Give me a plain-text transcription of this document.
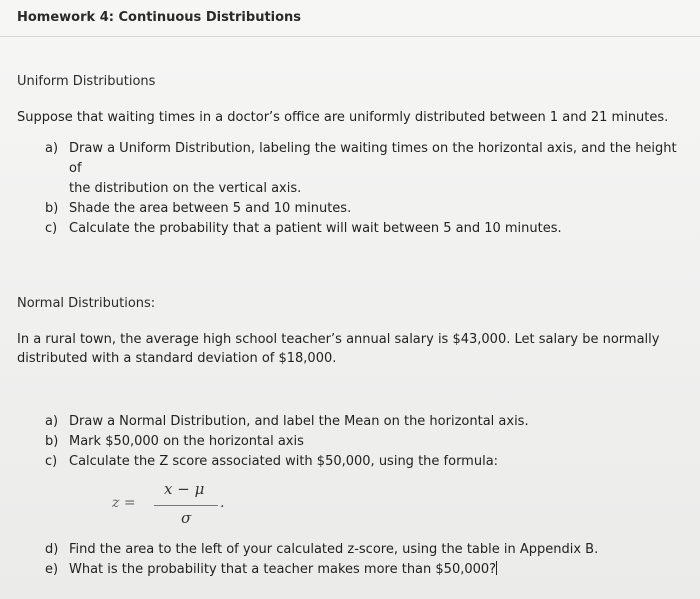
Homework 4: Continuous Distributions
Uniform Distributions
Suppose that waiting times in a doctor’s office are uniformly distributed between 1 and 21 minutes.
a) Draw a Uniform Distribution, labeling the waiting times on the horizontal axis, and the height of
the distribution on the vertical axis.
b) Shade the area between 5 and 10 minutes.
c) Calculate the probability that a patient will wait between 5 and 10 minutes.
Normal Distributions:
In a rural town, the average high school teacher’s annual salary is $43,000. Let salary be normally
distributed with a standard deviation of $18,000.
a) Draw a Normal Distribution, and label the Mean on the horizontal axis.
b) Mark $50,000 on the horizontal axis
c) Calculate the Z score associated with $50,000, using the formula:
z =
x − μ
σ
.
d) Find the area to the left of your calculated z-score, using the table in Appendix B.
e) What is the probability that a teacher makes more than $50,000?
